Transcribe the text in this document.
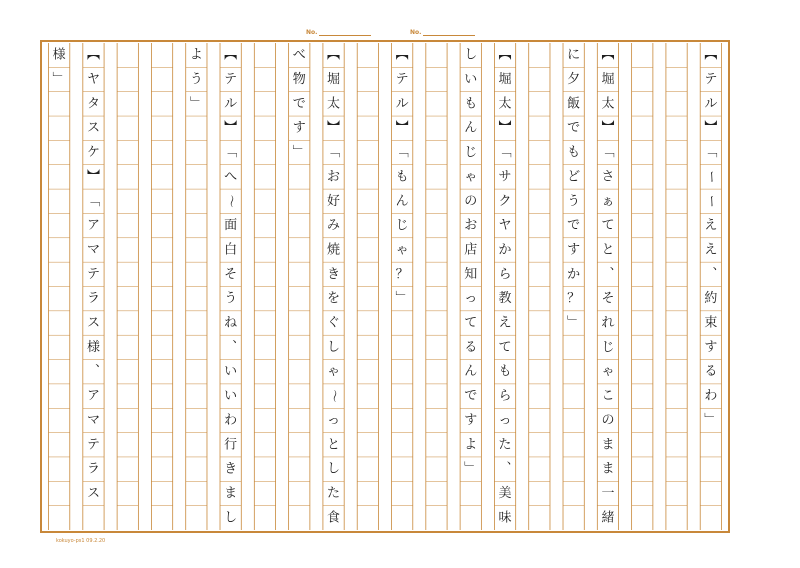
No.	No.
様
﹂
︻
ヤ
タ
ス
ケ
︼
﹁
ア
マ
テ
ラ
ス
様
︑
ア
マ
テ
ラ
ス
よ
う
﹂
︻
テ
ル
︼
﹁
へ
～
面
白
そ
う
ね
︑
い
い
わ
行
き
ま
し
べ
物
で
す
﹂
︻
堀
太
︼
﹁
お
好
み
焼
き
を
ぐ
し
ゃ
～
っ
と
し
た
食
︻
テ
ル
︼
﹁
も
ん
じ
ゃ
？
﹂
し
い
も
ん
じ
ゃ
の
お
店
知
っ
て
る
ん
で
す
よ
﹂
︻
堀
太
︼
﹁
サ
ク
ヤ
か
ら
教
え
て
も
ら
っ
た
︑
美
味
に
夕
飯
で
も
ど
う
で
す
か
？
﹂
︻
堀
太
︼
﹁
さ
ぁ
て
と
︑
そ
れ
じ
ゃ
こ
の
ま
ま
一
緒
︻
テ
ル
︼
﹁
ー
ー
え
え
︑
約
束
す
る
わ
﹂
kokuyo-ps1 09.2.20
